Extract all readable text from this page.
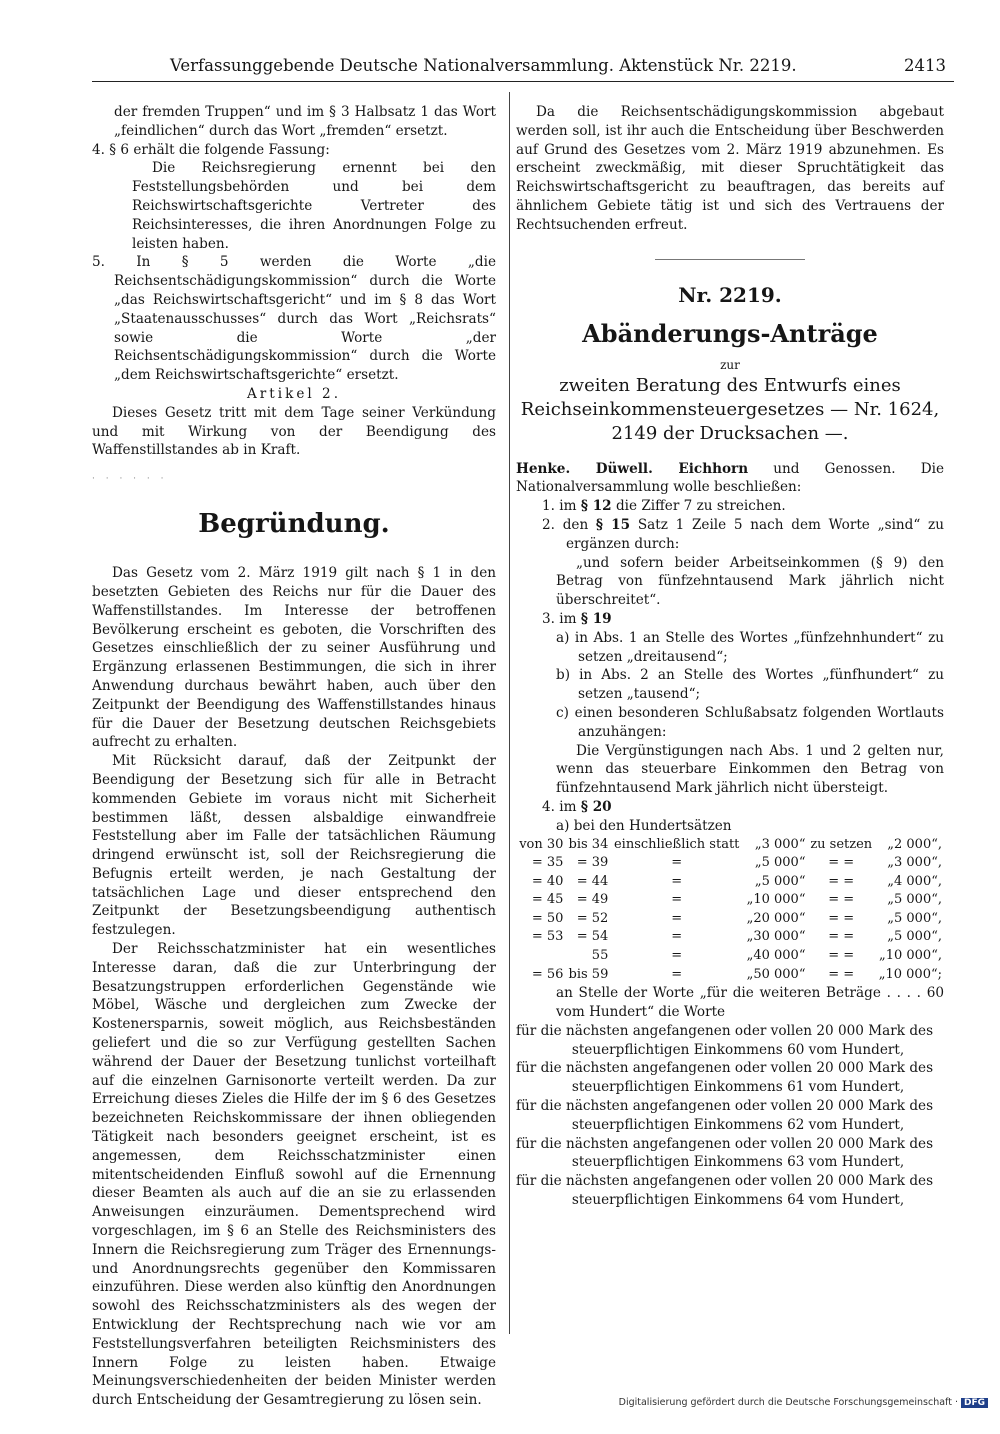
Verfassunggebende Deutsche Nationalversammlung. Aktenstück Nr. 2219.	2413

der fremden Truppen“ und im § 3 Halbsatz 1 das Wort „feindlichen“ durch das Wort „fremden“ ersetzt.

4. § 6 erhält die folgende Fassung:

Die Reichsregierung ernennt bei den Feststellungsbehörden und bei dem Reichswirtschaftsgerichte Vertreter des Reichsinteresses, die ihren Anordnungen Folge zu leisten haben.

5. In § 5 werden die Worte „die Reichsentschädigungskommission“ durch die Worte „das Reichswirtschaftsgericht“ und im § 8 das Wort „Staatenausschusses“ durch das Wort „Reichsrats“ sowie die Worte „der Reichsentschädigungskommission“ durch die Worte „dem Reichswirtschaftsgerichte“ ersetzt.

Artikel 2.

Dieses Gesetz tritt mit dem Tage seiner Verkündung und mit Wirkung von der Beendigung des Waffenstillstandes ab in Kraft.

· · · · · ·

Begründung.

Das Gesetz vom 2. März 1919 gilt nach § 1 in den besetzten Gebieten des Reichs nur für die Dauer des Waffenstillstandes. Im Interesse der betroffenen Bevölkerung erscheint es geboten, die Vorschriften des Gesetzes einschließlich der zu seiner Ausführung und Ergänzung erlassenen Bestimmungen, die sich in ihrer Anwendung durchaus bewährt haben, auch über den Zeitpunkt der Beendigung des Waffenstillstandes hinaus für die Dauer der Besetzung deutschen Reichsgebiets aufrecht zu erhalten.

Mit Rücksicht darauf, daß der Zeitpunkt der Beendigung der Besetzung sich für alle in Betracht kommenden Gebiete im voraus nicht mit Sicherheit bestimmen läßt, dessen alsbaldige einwandfreie Feststellung aber im Falle der tatsächlichen Räumung dringend erwünscht ist, soll der Reichsregierung die Befugnis erteilt werden, je nach Gestaltung der tatsächlichen Lage und dieser entsprechend den Zeitpunkt der Besetzungsbeendigung authentisch festzulegen.

Der Reichsschatzminister hat ein wesentliches Interesse daran, daß die zur Unterbringung der Besatzungstruppen erforderlichen Gegenstände wie Möbel, Wäsche und dergleichen zum Zwecke der Kostenersparnis, soweit möglich, aus Reichsbeständen geliefert und die so zur Verfügung gestellten Sachen während der Dauer der Besetzung tunlichst vorteilhaft auf die einzelnen Garnisonorte verteilt werden. Da zur Erreichung dieses Zieles die Hilfe der im § 6 des Gesetzes bezeichneten Reichskommissare der ihnen obliegenden Tätigkeit nach besonders geeignet erscheint, ist es angemessen, dem Reichsschatzminister einen mitentscheidenden Einfluß sowohl auf die Ernennung dieser Beamten als auch auf die an sie zu erlassenden Anweisungen einzuräumen. Dementsprechend wird vorgeschlagen, im § 6 an Stelle des Reichsministers des Innern die Reichsregierung zum Träger des Ernennungs- und Anordnungsrechts gegenüber den Kommissaren einzuführen. Diese werden also künftig den Anordnungen sowohl des Reichsschatzministers als des wegen der Entwicklung der Rechtsprechung nach wie vor am Feststellungsverfahren beteiligten Reichsministers des Innern Folge zu leisten haben. Etwaige Meinungsverschiedenheiten der beiden Minister werden durch Entscheidung der Gesamtregierung zu lösen sein.

Da die Reichsentschädigungskommission abgebaut werden soll, ist ihr auch die Entscheidung über Beschwerden auf Grund des Gesetzes vom 2. März 1919 abzunehmen. Es erscheint zweckmäßig, mit dieser Spruchtätigkeit das Reichswirtschaftsgericht zu beauftragen, das bereits auf ähnlichem Gebiete tätig ist und sich des Vertrauens der Rechtsuchenden erfreut.

Nr. 2219.

Abänderungs-Anträge

zur

zweiten Beratung des Entwurfs eines Reichseinkommensteuergesetzes — Nr. 1624, 2149 der Drucksachen —.

Henke. Düwell. Eichhorn und Genossen. Die Nationalversammlung wolle beschließen:

1. im § 12 die Ziffer 7 zu streichen.

2. den § 15 Satz 1 Zeile 5 nach dem Worte „sind“ zu ergänzen durch:

„und sofern beider Arbeitseinkommen (§ 9) den Betrag von fünfzehntausend Mark jährlich nicht überschreitet“.

3. im § 19

a) in Abs. 1 an Stelle des Wortes „fünfzehnhundert“ zu setzen „dreitausend“;

b) in Abs. 2 an Stelle des Wortes „fünfhundert“ zu setzen „tausend“;

c) einen besonderen Schlußabsatz folgenden Wortlauts anzuhängen:

Die Vergünstigungen nach Abs. 1 und 2 gelten nur, wenn das steuerbare Einkommen den Betrag von fünfzehntausend Mark jährlich nicht übersteigt.

4. im § 20

a) bei den Hundertsätzen

von 30	bis 34	einschließlich statt	„3 000“	zu setzen	„2 000“,
= 35	= 39	=	„5 000“	= =	„3 000“,
= 40	= 44	=	„5 000“	= =	„4 000“,
= 45	= 49	=	„10 000“	= =	„5 000“,
= 50	= 52	=	„20 000“	= =	„5 000“,
= 53	= 54	=	„30 000“	= =	„5 000“,
	55	=	„40 000“	= =	„10 000“,
= 56	bis 59	=	„50 000“	= =	„10 000“;

an Stelle der Worte „für die weiteren Beträge . . . . 60 vom Hundert“ die Worte

für die nächsten angefangenen oder vollen 20 000 Mark des

steuerpflichtigen Einkommens 60 vom Hundert,

für die nächsten angefangenen oder vollen 20 000 Mark des

steuerpflichtigen Einkommens 61 vom Hundert,

für die nächsten angefangenen oder vollen 20 000 Mark des

steuerpflichtigen Einkommens 62 vom Hundert,

für die nächsten angefangenen oder vollen 20 000 Mark des

steuerpflichtigen Einkommens 63 vom Hundert,

für die nächsten angefangenen oder vollen 20 000 Mark des

steuerpflichtigen Einkommens 64 vom Hundert,

Digitalisierung gefördert durch die Deutsche Forschungsgemeinschaft · DFG
